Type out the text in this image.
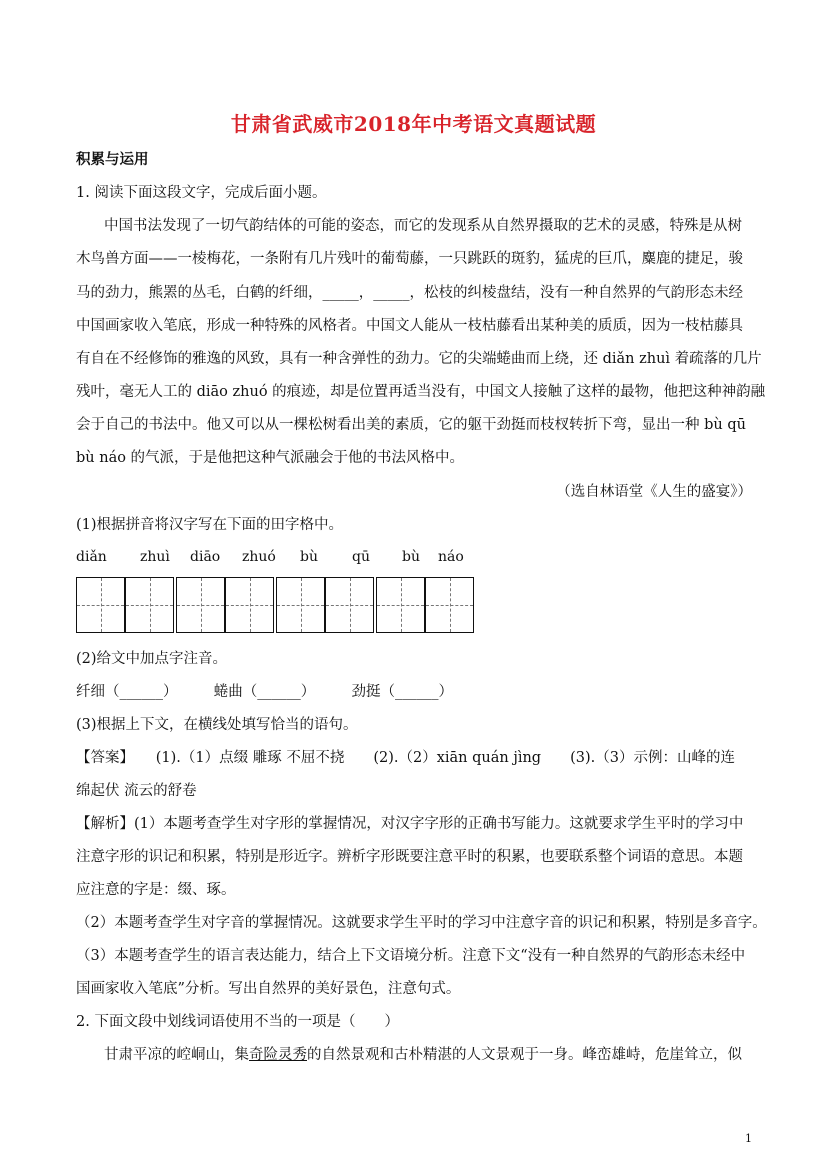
甘肃省武威市2018年中考语文真题试题
积累与运用
1. 阅读下面这段文字，完成后面小题。
中国书法发现了一切气韵结体的可能的姿态，而它的发现系从自然界摄取的艺术的灵感，特殊是从树
木鸟兽方面——一棱梅花，一条附有几片残叶的葡萄藤，一只跳跃的斑豹，猛虎的巨爪，麋鹿的捷足，骏
马的劲力，熊罴的丛毛，白鹤的纤细，_____，_____，松枝的纠棱盘结，没有一种自然界的气韵形态未经
中国画家收入笔底，形成一种特殊的风格者。中国文人能从一枝枯藤看出某种美的质质，因为一枝枯藤具
有自在不经修饰的雅逸的风致，具有一种含弹性的劲力。它的尖端蜷曲而上绕，还 diǎn zhuì 着疏落的几片
残叶，毫无人工的 diāo zhuó 的痕迹，却是位置再适当没有，中国文人接触了这样的最物，他把这种神韵融
会于自己的书法中。他又可以从一棵松树看出美的素质，它的躯干劲挺而枝杈转折下弯，显出一种 bù qū
bù náo 的气派，于是他把这种气派融会于他的书法风格中。
（选自林语堂《人生的盛宴》）
(1)根据拼音将汉字写在下面的田字格中。
diǎn zhuì diāo zhuó bù qū bù náo
(2)给文中加点字注音。
纤细（______）　　　蜷曲（______）　　　劲挺（______）
(3)根据上下文，在横线处填写恰当的语句。
【答案】　　(1).（1）点缀 雕琢 不屈不挠　　(2).（2）xiān quán jìng　　(3).（3）示例：山峰的连
绵起伏 流云的舒卷
【解析】(1）本题考查学生对字形的掌握情况，对汉字字形的正确书写能力。这就要求学生平时的学习中
注意字形的识记和积累，特别是形近字。辨析字形既要注意平时的积累，也要联系整个词语的意思。本题
应注意的字是：缀、琢。
（2）本题考查学生对字音的掌握情况。这就要求学生平时的学习中注意字音的识记和积累，特别是多音字。
（3）本题考查学生的语言表达能力，结合上下文语境分析。注意下文“没有一种自然界的气韵形态未经中
国画家收入笔底”分析。写出自然界的美好景色，注意句式。
2. 下面文段中划线词语使用不当的一项是（　　）
甘肃平凉的崆峒山，集奇险灵秀的自然景观和古朴精湛的人文景观于一身。峰峦雄峙，危崖耸立，似
1
